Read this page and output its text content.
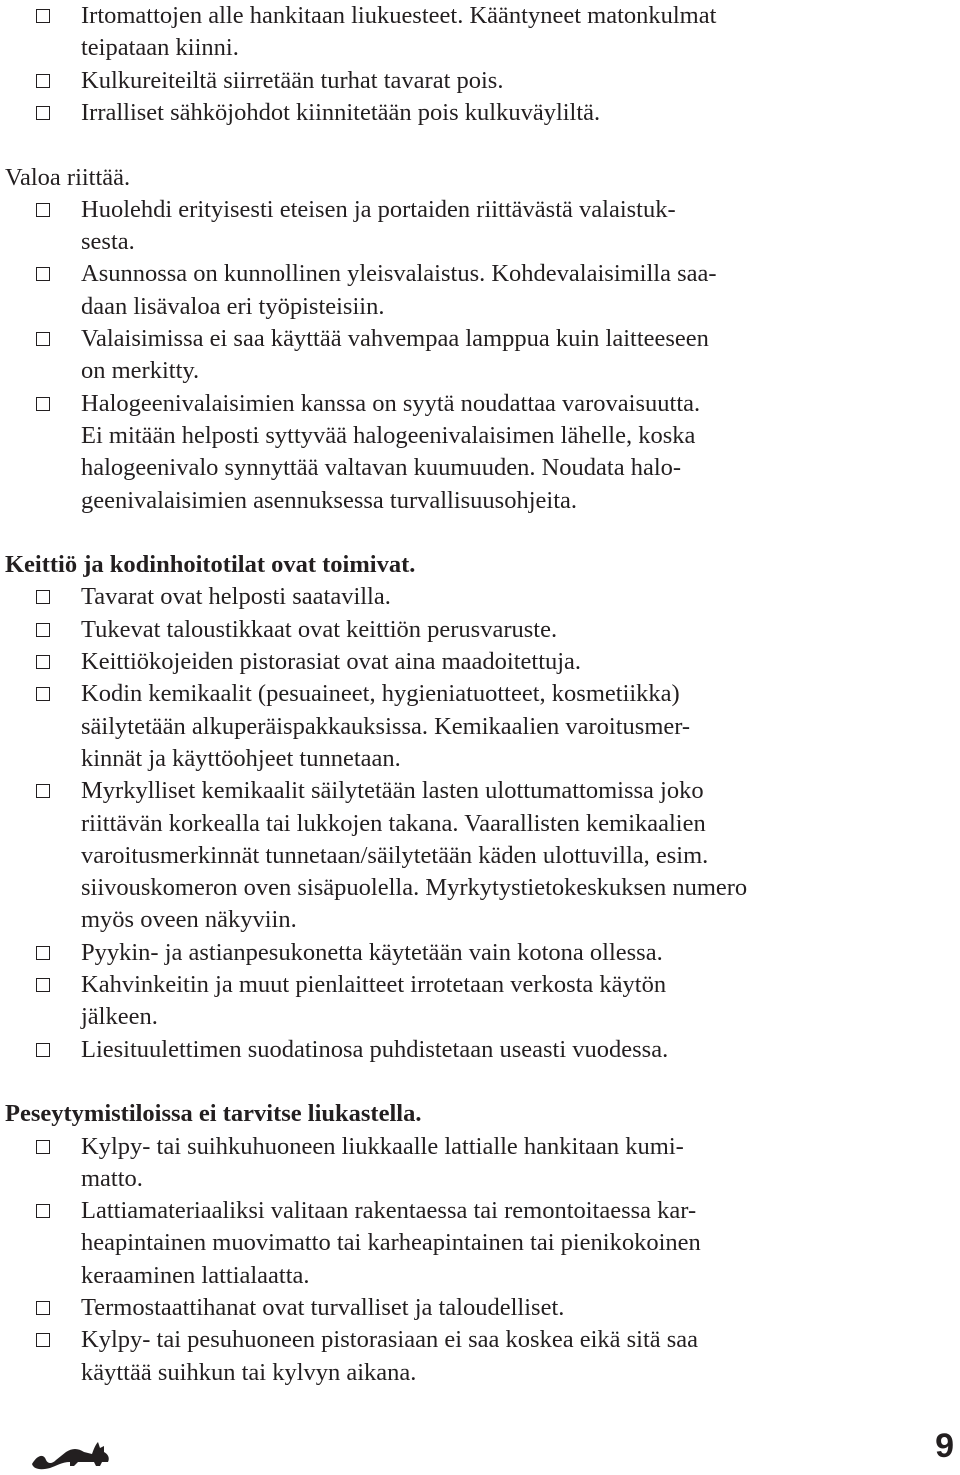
9
Irtomattojen alle hankitaan liukuesteet. Kääntyneet matonkulmat
teipataan kiinni.
Kulkureiteiltä siirretään turhat tavarat pois.
Irralliset sähköjohdot kiinnitetään pois kulkuväyliltä.
Valoa riittää.
Huolehdi erityisesti eteisen ja portaiden riittävästä valaistuk-
sesta.
Asunnossa on kunnollinen yleisvalaistus. Kohdevalaisimilla saa-
daan lisävaloa eri työpisteisiin.
Valaisimissa ei saa käyttää vahvempaa lamppua kuin laitteeseen
on merkitty.
Halogeenivalaisimien kanssa on syytä noudattaa varovaisuutta.
Ei mitään helposti syttyvää halogeenivalaisimen lähelle, koska
halogeenivalo synnyttää valtavan kuumuuden. Noudata halo-
geenivalaisimien asennuksessa turvallisuusohjeita.
Keittiö ja kodinhoitotilat ovat toimivat.
Tavarat ovat helposti saatavilla.
Tukevat taloustikkaat ovat keittiön perusvaruste.
Keittiökojeiden pistorasiat ovat aina maadoitettuja.
Kodin kemikaalit (pesuaineet, hygieniatuotteet, kosmetiikka)
säilytetään alkuperäispakkauksissa. Kemikaalien varoitusmer-
kinnät ja käyttöohjeet tunnetaan.
Myrkylliset kemikaalit säilytetään lasten ulottumattomissa joko
riittävän korkealla tai lukkojen takana. Vaarallisten kemikaalien
varoitusmerkinnät tunnetaan/säilytetään käden ulottuvilla, esim.
siivouskomeron oven sisäpuolella. Myrkytystietokeskuksen numero
myös oveen näkyviin.
Pyykin- ja astianpesukonetta käytetään vain kotona ollessa.
Kahvinkeitin ja muut pienlaitteet irrotetaan verkosta käytön
jälkeen.
Liesituulettimen suodatinosa puhdistetaan useasti vuodessa.
Peseytymistiloissa ei tarvitse liukastella.
Kylpy- tai suihkuhuoneen liukkaalle lattialle hankitaan kumi-
matto.
Lattiamateriaaliksi valitaan rakentaessa tai remontoitaessa kar-
heapintainen muovimatto tai karheapintainen tai pienikokoinen
keraaminen lattialaatta.
Termostaattihanat ovat turvalliset ja taloudelliset.
Kylpy- tai pesuhuoneen pistorasiaan ei saa koskea eikä sitä saa
käyttää suihkun tai kylvyn aikana.
